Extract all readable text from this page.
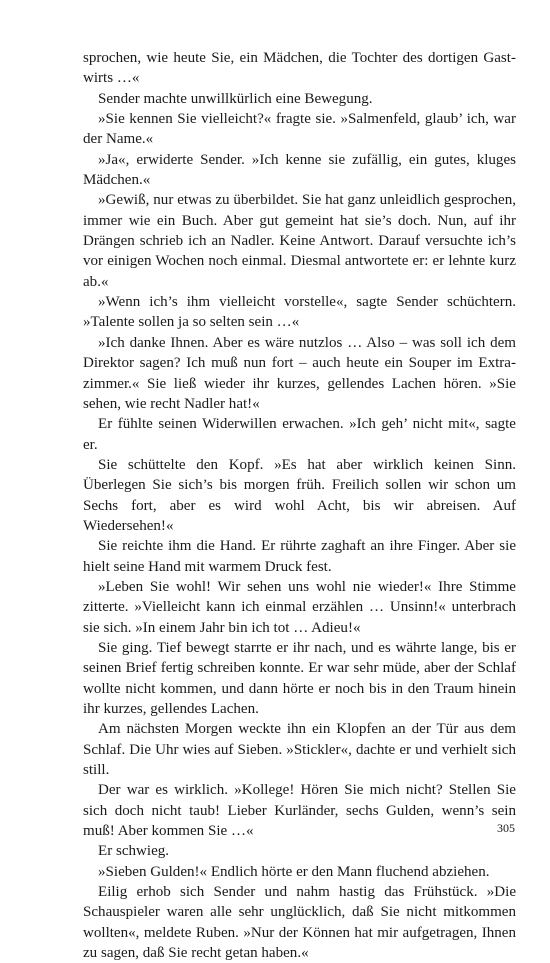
sprochen, wie heute Sie, ein Mädchen, die Tochter des dortigen Gastwirts …«

Sender machte unwillkürlich eine Bewegung.

»Sie kennen Sie vielleicht?« fragte sie. »Salmenfeld, glaub’ ich, war der Name.«

»Ja«, erwiderte Sender. »Ich kenne sie zufällig, ein gutes, kluges Mädchen.«

»Gewiß, nur etwas zu überbildet. Sie hat ganz unleidlich gesprochen, immer wie ein Buch. Aber gut gemeint hat sie’s doch. Nun, auf ihr Drängen schrieb ich an Nadler. Keine Antwort. Darauf versuchte ich’s vor einigen Wochen noch einmal. Diesmal antwortete er: er lehnte kurz ab.«

»Wenn ich’s ihm vielleicht vorstelle«, sagte Sender schüchtern. »Talente sollen ja so selten sein …«

»Ich danke Ihnen. Aber es wäre nutzlos … Also – was soll ich dem Direktor sagen? Ich muß nun fort – auch heute ein Souper im Extrazimmer.« Sie ließ wieder ihr kurzes, gellendes Lachen hören. »Sie sehen, wie recht Nadler hat!«

Er fühlte seinen Widerwillen erwachen. »Ich geh’ nicht mit«, sagte er.

Sie schüttelte den Kopf. »Es hat aber wirklich keinen Sinn. Überlegen Sie sich’s bis morgen früh. Freilich sollen wir schon um Sechs fort, aber es wird wohl Acht, bis wir abreisen. Auf Wiedersehen!«

Sie reichte ihm die Hand. Er rührte zaghaft an ihre Finger. Aber sie hielt seine Hand mit warmem Druck fest.

»Leben Sie wohl! Wir sehen uns wohl nie wieder!« Ihre Stimme zitterte. »Vielleicht kann ich einmal erzählen … Unsinn!« unterbrach sie sich. »In einem Jahr bin ich tot … Adieu!«

Sie ging. Tief bewegt starrte er ihr nach, und es währte lange, bis er seinen Brief fertig schreiben konnte. Er war sehr müde, aber der Schlaf wollte nicht kommen, und dann hörte er noch bis in den Traum hinein ihr kurzes, gellendes Lachen.

Am nächsten Morgen weckte ihn ein Klopfen an der Tür aus dem Schlaf. Die Uhr wies auf Sieben. »Stickler«, dachte er und verhielt sich still.

Der war es wirklich. »Kollege! Hören Sie mich nicht? Stellen Sie sich doch nicht taub! Lieber Kurländer, sechs Gulden, wenn’s sein muß! Aber kommen Sie …«

Er schwieg.

»Sieben Gulden!« Endlich hörte er den Mann fluchend abziehen.

Eilig erhob sich Sender und nahm hastig das Frühstück. »Die Schauspieler waren alle sehr unglücklich, daß Sie nicht mitkommen wollten«, meldete Ruben. »Nur der Können hat mir aufgetragen, Ihnen zu sagen, daß Sie recht getan haben.«

305
